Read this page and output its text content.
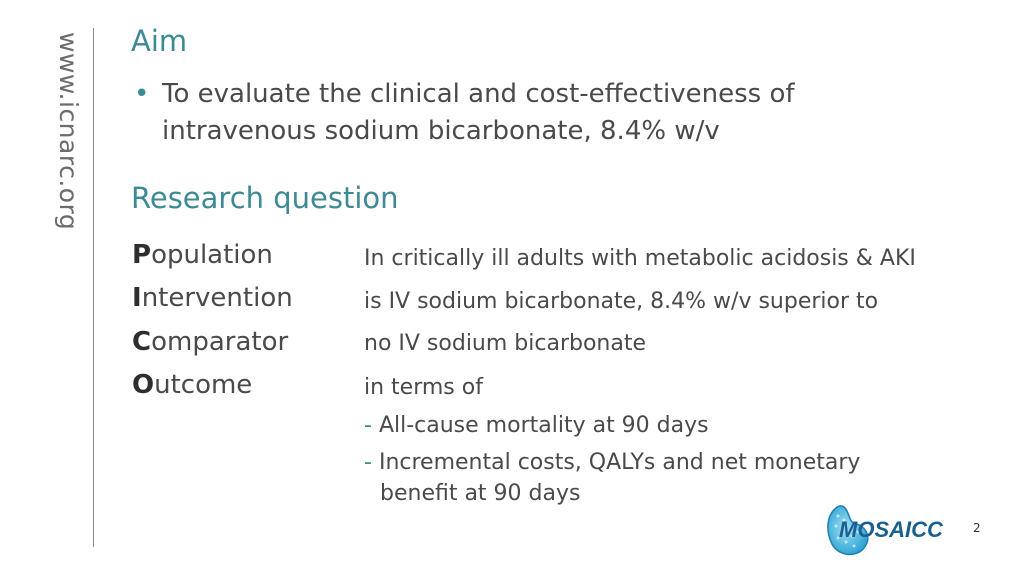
www.icnarc.org Aim
• To evaluate the clinical and cost-effectiveness of intravenous sodium bicarbonate, 8.4% w/v
Research question
Population	In critically ill adults with metabolic acidosis & AKI
Intervention	is IV sodium bicarbonate, 8.4% w/v superior to
Comparator	no IV sodium bicarbonate
Outcome	in terms of
- All-cause mortality at 90 days
- Incremental costs, QALYs and net monetary
benefit at 90 days
MOSAICC	2
